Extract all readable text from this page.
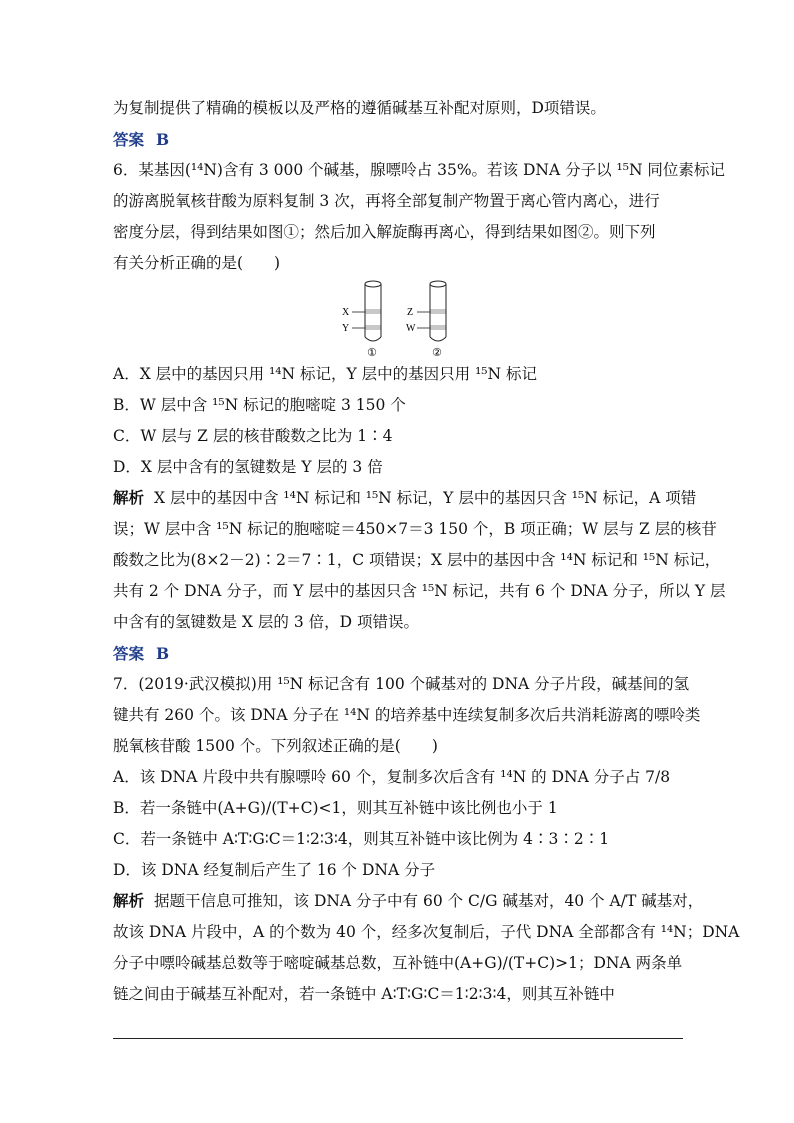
为复制提供了精确的模板以及严格的遵循碱基互补配对原则，D项错误。
答案 B
6．某基因(¹⁴N)含有 3 000 个碱基，腺嘌呤占 35%。若该 DNA 分子以 ¹⁵N 同位素标记
的游离脱氧核苷酸为原料复制 3 次，再将全部复制产物置于离心管内离心，进行
密度分层，得到结果如图①；然后加入解旋酶再离心，得到结果如图②。则下列
有关分析正确的是(　　)
X
Y
①
Z
W
②
A．X 层中的基因只用 ¹⁴N 标记，Y 层中的基因只用 ¹⁵N 标记
B．W 层中含 ¹⁵N 标记的胞嘧啶 3 150 个
C．W 层与 Z 层的核苷酸数之比为 1∶4
D．X 层中含有的氢键数是 Y 层的 3 倍
解析 X 层中的基因中含 ¹⁴N 标记和 ¹⁵N 标记，Y 层中的基因只含 ¹⁵N 标记，A 项错
误；W 层中含 ¹⁵N 标记的胞嘧啶＝450×7＝3 150 个，B 项正确；W 层与 Z 层的核苷
酸数之比为(8×2－2)∶2＝7∶1，C 项错误；X 层中的基因中含 ¹⁴N 标记和 ¹⁵N 标记，
共有 2 个 DNA 分子，而 Y 层中的基因只含 ¹⁵N 标记，共有 6 个 DNA 分子，所以 Y 层
中含有的氢键数是 X 层的 3 倍，D 项错误。
答案 B
7．(2019·武汉模拟)用 ¹⁵N 标记含有 100 个碱基对的 DNA 分子片段，碱基间的氢
键共有 260 个。该 DNA 分子在 ¹⁴N 的培养基中连续复制多次后共消耗游离的嘌呤类
脱氧核苷酸 1500 个。下列叙述正确的是(　　)
A．该 DNA 片段中共有腺嘌呤 60 个，复制多次后含有 ¹⁴N 的 DNA 分子占 7/8
B．若一条链中(A+G)/(T+C)<1，则其互补链中该比例也小于 1
C．若一条链中 A∶T∶G∶C＝1∶2∶3∶4，则其互补链中该比例为 4∶3∶2∶1
D．该 DNA 经复制后产生了 16 个 DNA 分子
解析 据题干信息可推知，该 DNA 分子中有 60 个 C/G 碱基对，40 个 A/T 碱基对，
故该 DNA 片段中，A 的个数为 40 个，经多次复制后，子代 DNA 全部都含有 ¹⁴N；DNA
分子中嘌呤碱基总数等于嘧啶碱基总数，互补链中(A+G)/(T+C)>1；DNA 两条单
链之间由于碱基互补配对，若一条链中 A∶T∶G∶C＝1∶2∶3∶4，则其互补链中
